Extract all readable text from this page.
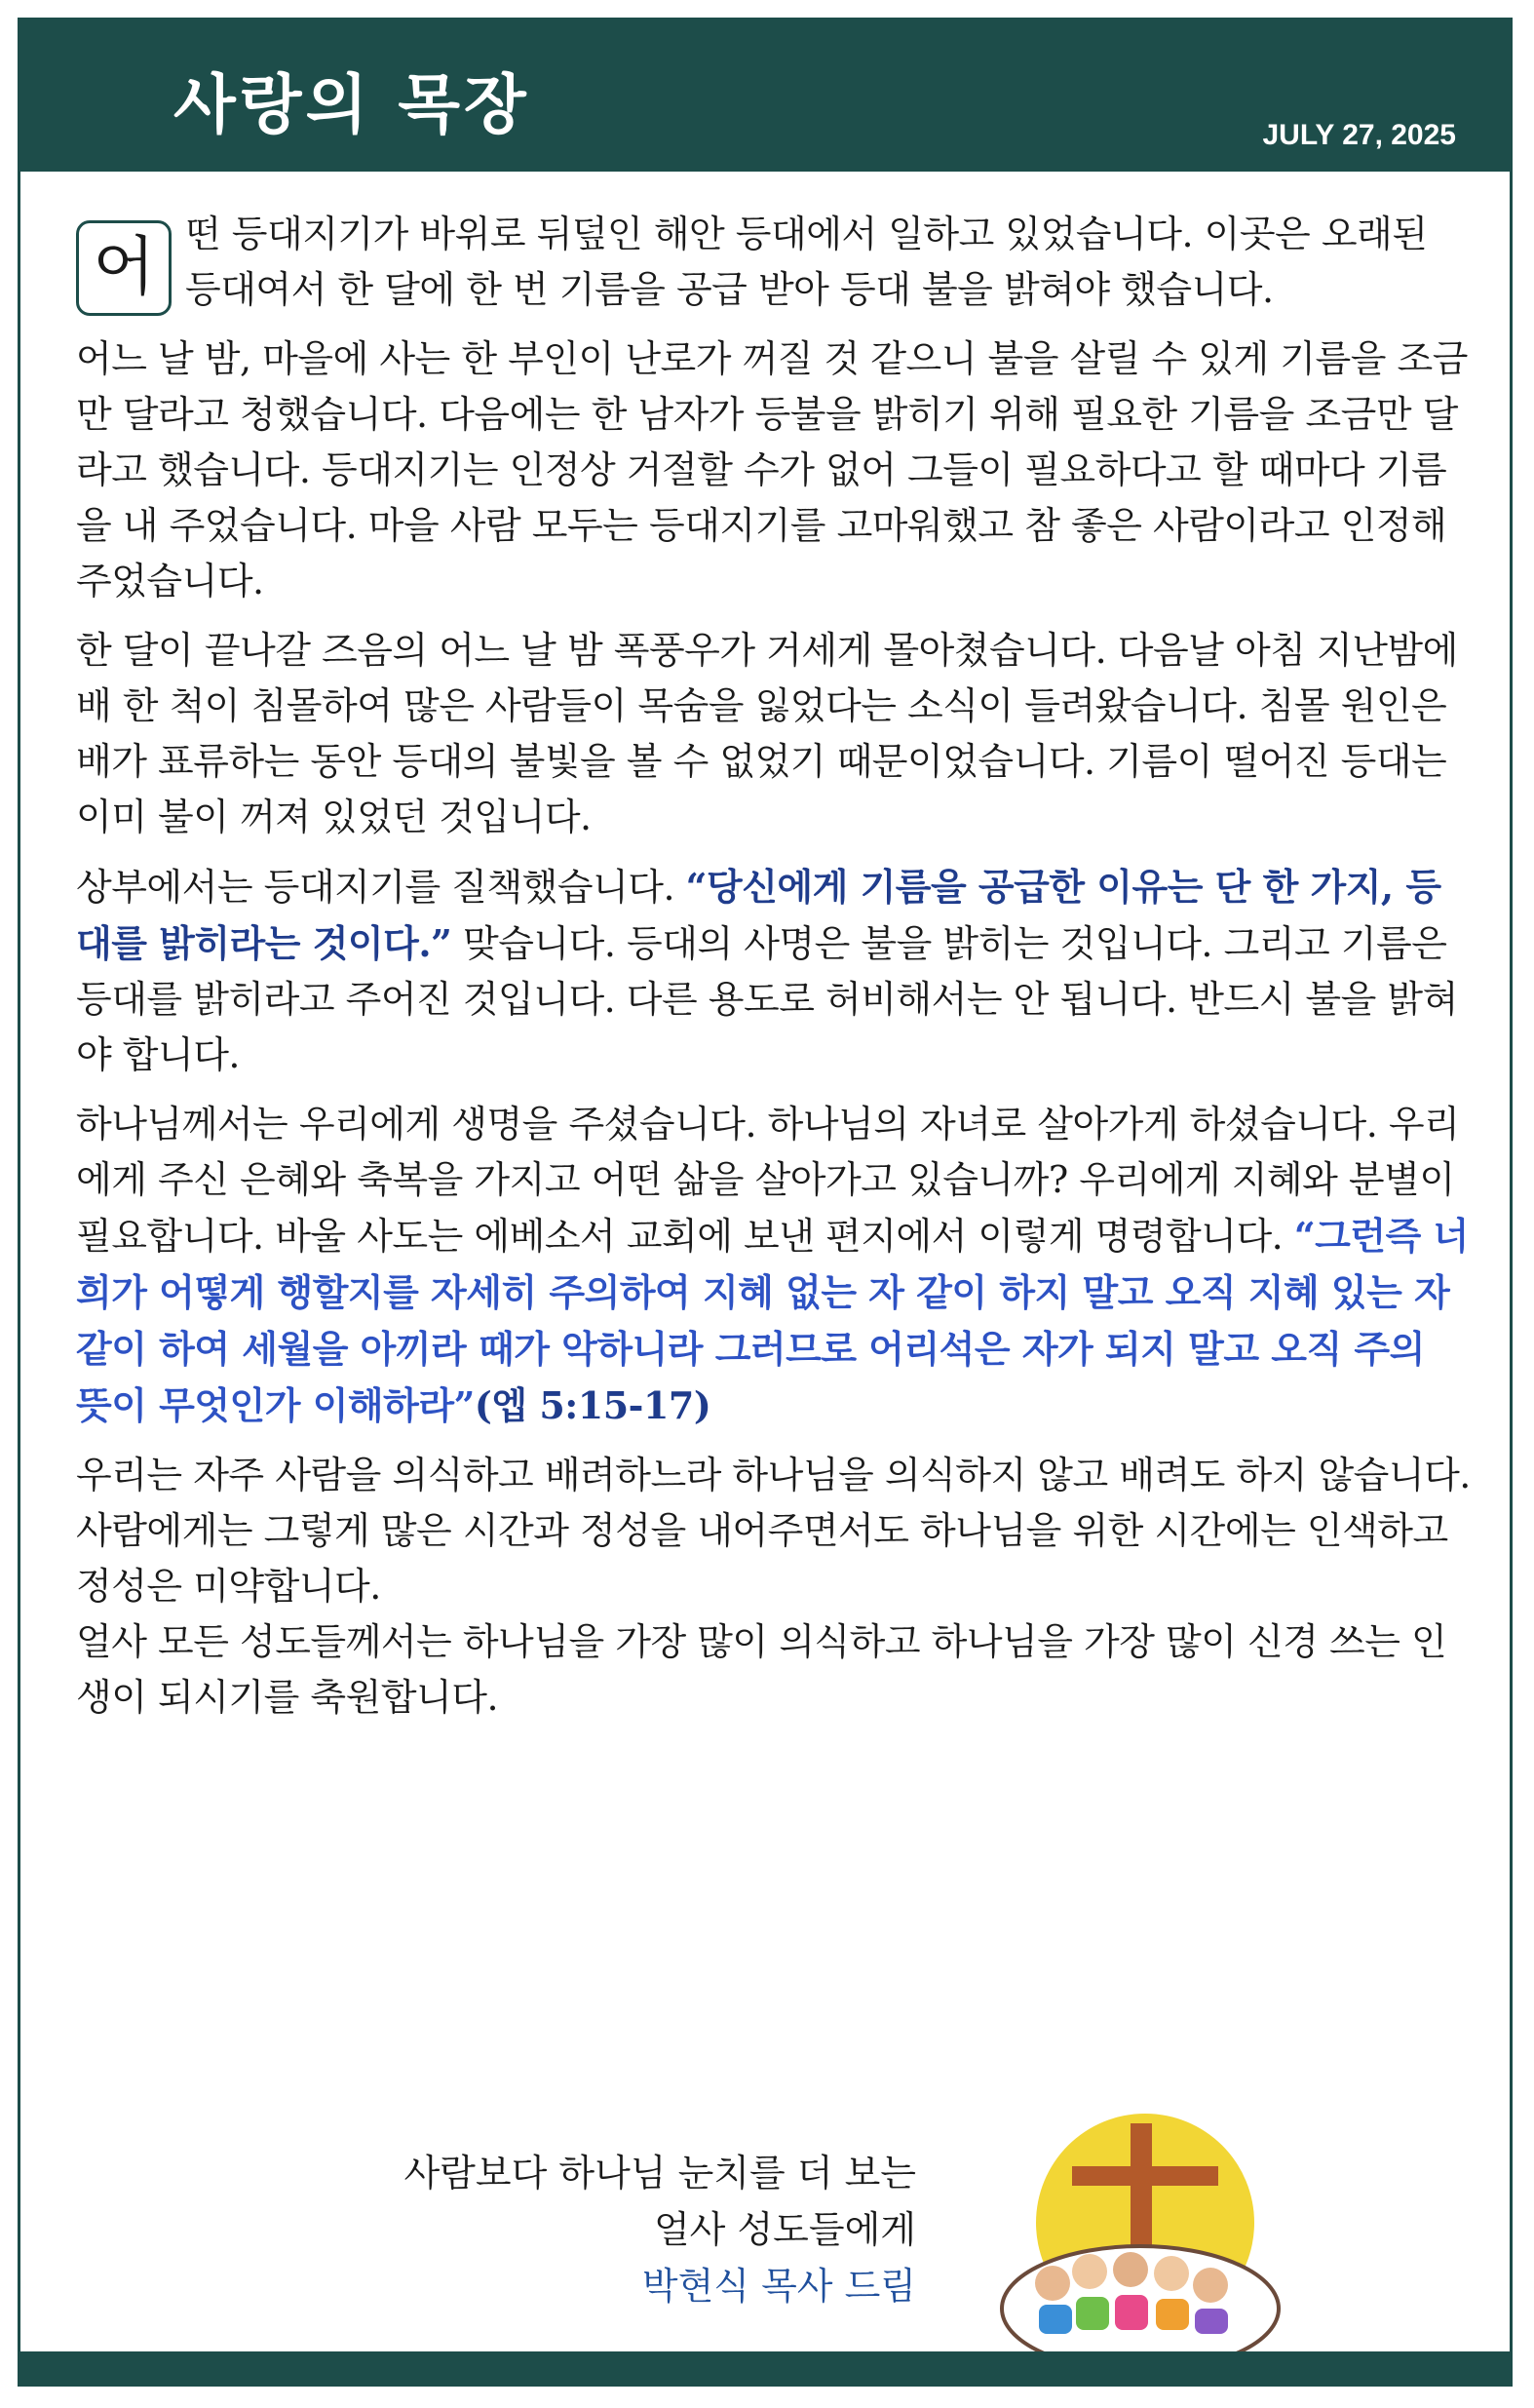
사랑의 목장	JULY 27, 2025

어 떤 등대지기가 바위로 뒤덮인 해안 등대에서 일하고 있었습니다. 이곳은 오래된 등대여서 한 달에 한 번 기름을 공급 받아 등대 불을 밝혀야 했습니다.

어느 날 밤, 마을에 사는 한 부인이 난로가 꺼질 것 같으니 불을 살릴 수 있게 기름을 조금만 달라고 청했습니다. 다음에는 한 남자가 등불을 밝히기 위해 필요한 기름을 조금만 달라고 했습니다. 등대지기는 인정상 거절할 수가 없어 그들이 필요하다고 할 때마다 기름을 내 주었습니다. 마을 사람 모두는 등대지기를 고마워했고 참 좋은 사람이라고 인정해주었습니다.

한 달이 끝나갈 즈음의 어느 날 밤 폭풍우가 거세게 몰아쳤습니다. 다음날 아침 지난밤에 배 한 척이 침몰하여 많은 사람들이 목숨을 잃었다는 소식이 들려왔습니다. 침몰 원인은 배가 표류하는 동안 등대의 불빛을 볼 수 없었기 때문이었습니다. 기름이 떨어진 등대는 이미 불이 꺼져 있었던 것입니다.

상부에서는 등대지기를 질책했습니다. “당신에게 기름을 공급한 이유는 단 한 가지, 등대를 밝히라는 것이다.” 맞습니다. 등대의 사명은 불을 밝히는 것입니다. 그리고 기름은 등대를 밝히라고 주어진 것입니다. 다른 용도로 허비해서는 안 됩니다. 반드시 불을 밝혀야 합니다.

하나님께서는 우리에게 생명을 주셨습니다. 하나님의 자녀로 살아가게 하셨습니다. 우리에게 주신 은혜와 축복을 가지고 어떤 삶을 살아가고 있습니까? 우리에게 지혜와 분별이 필요합니다. 바울 사도는 에베소서 교회에 보낸 편지에서 이렇게 명령합니다. “그런즉 너희가 어떻게 행할지를 자세히 주의하여 지혜 없는 자 같이 하지 말고 오직 지혜 있는 자 같이 하여 세월을 아끼라 때가 악하니라 그러므로 어리석은 자가 되지 말고 오직 주의 뜻이 무엇인가 이해하라”(엡 5:15-17)

우리는 자주 사람을 의식하고 배려하느라 하나님을 의식하지 않고 배려도 하지 않습니다. 사람에게는 그렇게 많은 시간과 정성을 내어주면서도 하나님을 위한 시간에는 인색하고 정성은 미약합니다.
얼사 모든 성도들께서는 하나님을 가장 많이 의식하고 하나님을 가장 많이 신경 쓰는 인생이 되시기를 축원합니다.

사람보다 하나님 눈치를 더 보는
얼사 성도들에게
박현식 목사 드림
